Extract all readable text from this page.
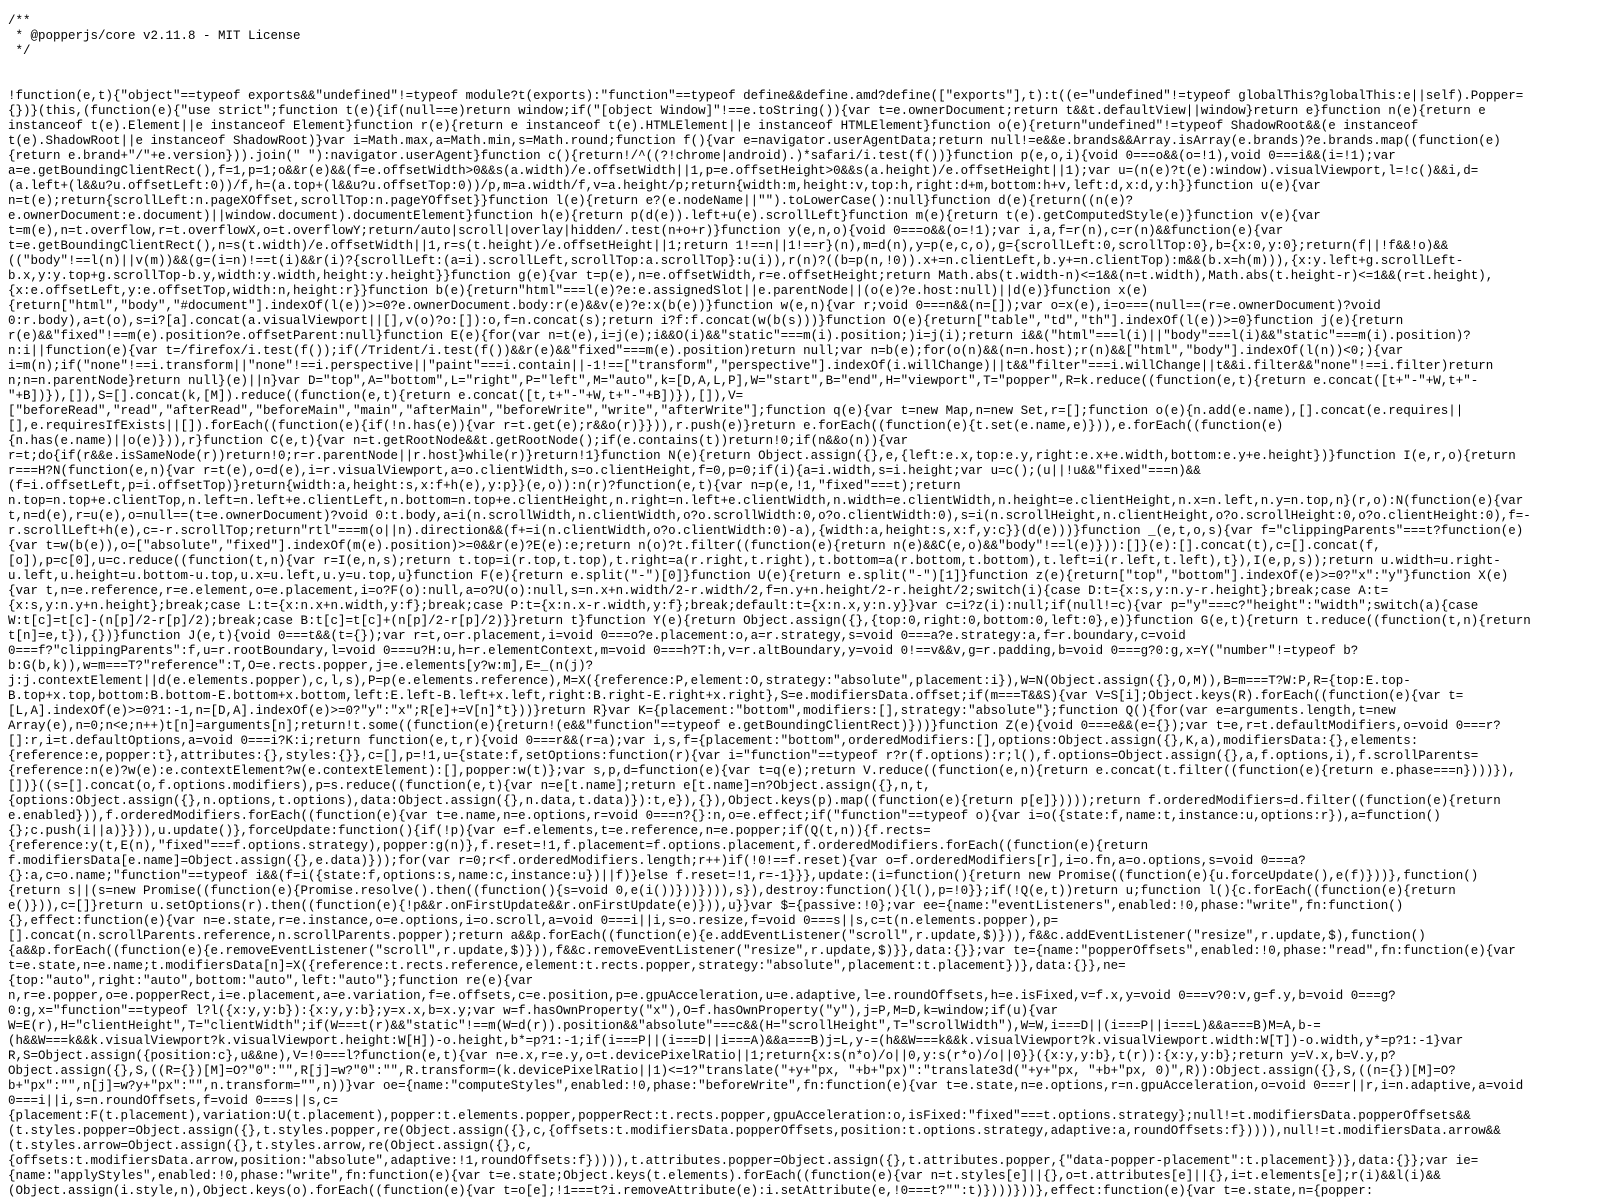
/**
* @popperjs/core v2.11.8 - MIT License
*/
!function(e,t){"object"==typeof exports&&"undefined"!=typeof module?t(exports):"function"==typeof define&&define.amd?define(["exports"],t):t((e="undefined"!=typeof globalThis?globalThis:e||self).Popper=
{})}(this,(function(e){"use strict";function t(e){if(null==e)return window;if("[object Window]"!==e.toString()){var t=e.ownerDocument;return t&&t.defaultView||window}return e}function n(e){return e
instanceof t(e).Element||e instanceof Element}function r(e){return e instanceof t(e).HTMLElement||e instanceof HTMLElement}function o(e){return"undefined"!=typeof ShadowRoot&&(e instanceof
t(e).ShadowRoot||e instanceof ShadowRoot)}var i=Math.max,a=Math.min,s=Math.round;function f(){var e=navigator.userAgentData;return null!=e&&e.brands&&Array.isArray(e.brands)?e.brands.map((function(e)
{return e.brand+"/"+e.version})).join(" "):navigator.userAgent}function c(){return!/^((?!chrome|android).)*safari/i.test(f())}function p(e,o,i){void 0===o&&(o=!1),void 0===i&&(i=!1);var
a=e.getBoundingClientRect(),f=1,p=1;o&&r(e)&&(f=e.offsetWidth>0&&s(a.width)/e.offsetWidth||1,p=e.offsetHeight>0&&s(a.height)/e.offsetHeight||1);var u=(n(e)?t(e):window).visualViewport,l=!c()&&i,d=
(a.left+(l&&u?u.offsetLeft:0))/f,h=(a.top+(l&&u?u.offsetTop:0))/p,m=a.width/f,v=a.height/p;return{width:m,height:v,top:h,right:d+m,bottom:h+v,left:d,x:d,y:h}}function u(e){var
n=t(e);return{scrollLeft:n.pageXOffset,scrollTop:n.pageYOffset}}function l(e){return e?(e.nodeName||"").toLowerCase():null}function d(e){return((n(e)?
e.ownerDocument:e.document)||window.document).documentElement}function h(e){return p(d(e)).left+u(e).scrollLeft}function m(e){return t(e).getComputedStyle(e)}function v(e){var
t=m(e),n=t.overflow,r=t.overflowX,o=t.overflowY;return/auto|scroll|overlay|hidden/.test(n+o+r)}function y(e,n,o){void 0===o&&(o=!1);var i,a,f=r(n),c=r(n)&&function(e){var
t=e.getBoundingClientRect(),n=s(t.width)/e.offsetWidth||1,r=s(t.height)/e.offsetHeight||1;return 1!==n||1!==r}(n),m=d(n),y=p(e,c,o),g={scrollLeft:0,scrollTop:0},b={x:0,y:0};return(f||!f&&!o)&&
(("body"!==l(n)||v(m))&&(g=(i=n)!==t(i)&&r(i)?{scrollLeft:(a=i).scrollLeft,scrollTop:a.scrollTop}:u(i)),r(n)?((b=p(n,!0)).x+=n.clientLeft,b.y+=n.clientTop):m&&(b.x=h(m))),{x:y.left+g.scrollLeft-
b.x,y:y.top+g.scrollTop-b.y,width:y.width,height:y.height}}function g(e){var t=p(e),n=e.offsetWidth,r=e.offsetHeight;return Math.abs(t.width-n)<=1&&(n=t.width),Math.abs(t.height-r)<=1&&(r=t.height),
{x:e.offsetLeft,y:e.offsetTop,width:n,height:r}}function b(e){return"html"===l(e)?e:e.assignedSlot||e.parentNode||(o(e)?e.host:null)||d(e)}function x(e)
{return["html","body","#document"].indexOf(l(e))>=0?e.ownerDocument.body:r(e)&&v(e)?e:x(b(e))}function w(e,n){var r;void 0===n&&(n=[]);var o=x(e),i=o===(null==(r=e.ownerDocument)?void
0:r.body),a=t(o),s=i?[a].concat(a.visualViewport||[],v(o)?o:[]):o,f=n.concat(s);return i?f:f.concat(w(b(s)))}function O(e){return["table","td","th"].indexOf(l(e))>=0}function j(e){return
r(e)&&"fixed"!==m(e).position?e.offsetParent:null}function E(e){for(var n=t(e),i=j(e);i&&O(i)&&"static"===m(i).position;)i=j(i);return i&&("html"===l(i)||"body"===l(i)&&"static"===m(i).position)?
n:i||function(e){var t=/firefox/i.test(f());if(/Trident/i.test(f())&&r(e)&&"fixed"===m(e).position)return null;var n=b(e);for(o(n)&&(n=n.host);r(n)&&["html","body"].indexOf(l(n))<0;){var
i=m(n);if("none"!==i.transform||"none"!==i.perspective||"paint"===i.contain||-1!==["transform","perspective"].indexOf(i.willChange)||t&&"filter"===i.willChange||t&&i.filter&&"none"!==i.filter)return
n;n=n.parentNode}return null}(e)||n}var D="top",A="bottom",L="right",P="left",M="auto",k=[D,A,L,P],W="start",B="end",H="viewport",T="popper",R=k.reduce((function(e,t){return e.concat([t+"-"+W,t+"-
"+B])}),[]),S=[].concat(k,[M]).reduce((function(e,t){return e.concat([t,t+"-"+W,t+"-"+B])}),[]),V=
["beforeRead","read","afterRead","beforeMain","main","afterMain","beforeWrite","write","afterWrite"];function q(e){var t=new Map,n=new Set,r=[];function o(e){n.add(e.name),[].concat(e.requires||
[],e.requiresIfExists||[]).forEach((function(e){if(!n.has(e)){var r=t.get(e);r&&o(r)}})),r.push(e)}return e.forEach((function(e){t.set(e.name,e)})),e.forEach((function(e)
{n.has(e.name)||o(e)})),r}function C(e,t){var n=t.getRootNode&&t.getRootNode();if(e.contains(t))return!0;if(n&&o(n)){var
r=t;do{if(r&&e.isSameNode(r))return!0;r=r.parentNode||r.host}while(r)}return!1}function N(e){return Object.assign({},e,{left:e.x,top:e.y,right:e.x+e.width,bottom:e.y+e.height})}function I(e,r,o){return
r===H?N(function(e,n){var r=t(e),o=d(e),i=r.visualViewport,a=o.clientWidth,s=o.clientHeight,f=0,p=0;if(i){a=i.width,s=i.height;var u=c();(u||!u&&"fixed"===n)&&
(f=i.offsetLeft,p=i.offsetTop)}return{width:a,height:s,x:f+h(e),y:p}}(e,o)):n(r)?function(e,t){var n=p(e,!1,"fixed"===t);return
n.top=n.top+e.clientTop,n.left=n.left+e.clientLeft,n.bottom=n.top+e.clientHeight,n.right=n.left+e.clientWidth,n.width=e.clientWidth,n.height=e.clientHeight,n.x=n.left,n.y=n.top,n}(r,o):N(function(e){var
t,n=d(e),r=u(e),o=null==(t=e.ownerDocument)?void 0:t.body,a=i(n.scrollWidth,n.clientWidth,o?o.scrollWidth:0,o?o.clientWidth:0),s=i(n.scrollHeight,n.clientHeight,o?o.scrollHeight:0,o?o.clientHeight:0),f=-
r.scrollLeft+h(e),c=-r.scrollTop;return"rtl"===m(o||n).direction&&(f+=i(n.clientWidth,o?o.clientWidth:0)-a),{width:a,height:s,x:f,y:c}}(d(e)))}function _(e,t,o,s){var f="clippingParents"===t?function(e)
{var t=w(b(e)),o=["absolute","fixed"].indexOf(m(e).position)>=0&&r(e)?E(e):e;return n(o)?t.filter((function(e){return n(e)&&C(e,o)&&"body"!==l(e)})):[]}(e):[].concat(t),c=[].concat(f,
[o]),p=c[0],u=c.reduce((function(t,n){var r=I(e,n,s);return t.top=i(r.top,t.top),t.right=a(r.right,t.right),t.bottom=a(r.bottom,t.bottom),t.left=i(r.left,t.left),t}),I(e,p,s));return u.width=u.right-
u.left,u.height=u.bottom-u.top,u.x=u.left,u.y=u.top,u}function F(e){return e.split("-")[0]}function U(e){return e.split("-")[1]}function z(e){return["top","bottom"].indexOf(e)>=0?"x":"y"}function X(e)
{var t,n=e.reference,r=e.element,o=e.placement,i=o?F(o):null,a=o?U(o):null,s=n.x+n.width/2-r.width/2,f=n.y+n.height/2-r.height/2;switch(i){case D:t={x:s,y:n.y-r.height};break;case A:t=
{x:s,y:n.y+n.height};break;case L:t={x:n.x+n.width,y:f};break;case P:t={x:n.x-r.width,y:f};break;default:t={x:n.x,y:n.y}}var c=i?z(i):null;if(null!=c){var p="y"===c?"height":"width";switch(a){case
W:t[c]=t[c]-(n[p]/2-r[p]/2);break;case B:t[c]=t[c]+(n[p]/2-r[p]/2)}}return t}function Y(e){return Object.assign({},{top:0,right:0,bottom:0,left:0},e)}function G(e,t){return t.reduce((function(t,n){return
t[n]=e,t}),{})}function J(e,t){void 0===t&&(t={});var r=t,o=r.placement,i=void 0===o?e.placement:o,a=r.strategy,s=void 0===a?e.strategy:a,f=r.boundary,c=void
0===f?"clippingParents":f,u=r.rootBoundary,l=void 0===u?H:u,h=r.elementContext,m=void 0===h?T:h,v=r.altBoundary,y=void 0!==v&&v,g=r.padding,b=void 0===g?0:g,x=Y("number"!=typeof b?
b:G(b,k)),w=m===T?"reference":T,O=e.rects.popper,j=e.elements[y?w:m],E=_(n(j)?
j:j.contextElement||d(e.elements.popper),c,l,s),P=p(e.elements.reference),M=X({reference:P,element:O,strategy:"absolute",placement:i}),W=N(Object.assign({},O,M)),B=m===T?W:P,R={top:E.top-
B.top+x.top,bottom:B.bottom-E.bottom+x.bottom,left:E.left-B.left+x.left,right:B.right-E.right+x.right},S=e.modifiersData.offset;if(m===T&&S){var V=S[i];Object.keys(R).forEach((function(e){var t=
[L,A].indexOf(e)>=0?1:-1,n=[D,A].indexOf(e)>=0?"y":"x";R[e]+=V[n]*t}))}return R}var K={placement:"bottom",modifiers:[],strategy:"absolute"};function Q(){for(var e=arguments.length,t=new
Array(e),n=0;n<e;n++)t[n]=arguments[n];return!t.some((function(e){return!(e&&"function"==typeof e.getBoundingClientRect)}))}function Z(e){void 0===e&&(e={});var t=e,r=t.defaultModifiers,o=void 0===r?
[]:r,i=t.defaultOptions,a=void 0===i?K:i;return function(e,t,r){void 0===r&&(r=a);var i,s,f={placement:"bottom",orderedModifiers:[],options:Object.assign({},K,a),modifiersData:{},elements:
{reference:e,popper:t},attributes:{},styles:{}},c=[],p=!1,u={state:f,setOptions:function(r){var i="function"==typeof r?r(f.options):r;l(),f.options=Object.assign({},a,f.options,i),f.scrollParents=
{reference:n(e)?w(e):e.contextElement?w(e.contextElement):[],popper:w(t)};var s,p,d=function(e){var t=q(e);return V.reduce((function(e,n){return e.concat(t.filter((function(e){return e.phase===n})))}),
[])}((s=[].concat(o,f.options.modifiers),p=s.reduce((function(e,t){var n=e[t.name];return e[t.name]=n?Object.assign({},n,t,
{options:Object.assign({},n.options,t.options),data:Object.assign({},n.data,t.data)}):t,e}),{}),Object.keys(p).map((function(e){return p[e]}))));return f.orderedModifiers=d.filter((function(e){return
e.enabled})),f.orderedModifiers.forEach((function(e){var t=e.name,n=e.options,r=void 0===n?{}:n,o=e.effect;if("function"==typeof o){var i=o({state:f,name:t,instance:u,options:r}),a=function()
{};c.push(i||a)}})),u.update()},forceUpdate:function(){if(!p){var e=f.elements,t=e.reference,n=e.popper;if(Q(t,n)){f.rects=
{reference:y(t,E(n),"fixed"===f.options.strategy),popper:g(n)},f.reset=!1,f.placement=f.options.placement,f.orderedModifiers.forEach((function(e){return
f.modifiersData[e.name]=Object.assign({},e.data)}));for(var r=0;r<f.orderedModifiers.length;r++)if(!0!==f.reset){var o=f.orderedModifiers[r],i=o.fn,a=o.options,s=void 0===a?
{}:a,c=o.name;"function"==typeof i&&(f=i({state:f,options:s,name:c,instance:u})||f)}else f.reset=!1,r=-1}}},update:(i=function(){return new Promise((function(e){u.forceUpdate(),e(f)}))},function()
{return s||(s=new Promise((function(e){Promise.resolve().then((function(){s=void 0,e(i())}))}))),s}),destroy:function(){l(),p=!0}};if(!Q(e,t))return u;function l(){c.forEach((function(e){return
e()})),c=[]}return u.setOptions(r).then((function(e){!p&&r.onFirstUpdate&&r.onFirstUpdate(e)})),u}}var $={passive:!0};var ee={name:"eventListeners",enabled:!0,phase:"write",fn:function()
{},effect:function(e){var n=e.state,r=e.instance,o=e.options,i=o.scroll,a=void 0===i||i,s=o.resize,f=void 0===s||s,c=t(n.elements.popper),p=
[].concat(n.scrollParents.reference,n.scrollParents.popper);return a&&p.forEach((function(e){e.addEventListener("scroll",r.update,$)})),f&&c.addEventListener("resize",r.update,$),function()
{a&&p.forEach((function(e){e.removeEventListener("scroll",r.update,$)})),f&&c.removeEventListener("resize",r.update,$)}},data:{}};var te={name:"popperOffsets",enabled:!0,phase:"read",fn:function(e){var
t=e.state,n=e.name;t.modifiersData[n]=X({reference:t.rects.reference,element:t.rects.popper,strategy:"absolute",placement:t.placement})},data:{}},ne=
{top:"auto",right:"auto",bottom:"auto",left:"auto"};function re(e){var
n,r=e.popper,o=e.popperRect,i=e.placement,a=e.variation,f=e.offsets,c=e.position,p=e.gpuAcceleration,u=e.adaptive,l=e.roundOffsets,h=e.isFixed,v=f.x,y=void 0===v?0:v,g=f.y,b=void 0===g?
0:g,x="function"==typeof l?l({x:y,y:b}):{x:y,y:b};y=x.x,b=x.y;var w=f.hasOwnProperty("x"),O=f.hasOwnProperty("y"),j=P,M=D,k=window;if(u){var
W=E(r),H="clientHeight",T="clientWidth";if(W===t(r)&&"static"!==m(W=d(r)).position&&"absolute"===c&&(H="scrollHeight",T="scrollWidth"),W=W,i===D||(i===P||i===L)&&a===B)M=A,b-=
(h&&W===k&&k.visualViewport?k.visualViewport.height:W[H])-o.height,b*=p?1:-1;if(i===P||(i===D||i===A)&&a===B)j=L,y-=(h&&W===k&&k.visualViewport?k.visualViewport.width:W[T])-o.width,y*=p?1:-1}var
R,S=Object.assign({position:c},u&&ne),V=!0===l?function(e,t){var n=e.x,r=e.y,o=t.devicePixelRatio||1;return{x:s(n*o)/o||0,y:s(r*o)/o||0}}({x:y,y:b},t(r)):{x:y,y:b};return y=V.x,b=V.y,p?
Object.assign({},S,((R={})[M]=O?"0":"",R[j]=w?"0":"",R.transform=(k.devicePixelRatio||1)<=1?"translate("+y+"px, "+b+"px)":"translate3d("+y+"px, "+b+"px, 0)",R)):Object.assign({},S,((n={})[M]=O?
b+"px":"",n[j]=w?y+"px":"",n.transform="",n))}var oe={name:"computeStyles",enabled:!0,phase:"beforeWrite",fn:function(e){var t=e.state,n=e.options,r=n.gpuAcceleration,o=void 0===r||r,i=n.adaptive,a=void
0===i||i,s=n.roundOffsets,f=void 0===s||s,c=
{placement:F(t.placement),variation:U(t.placement),popper:t.elements.popper,popperRect:t.rects.popper,gpuAcceleration:o,isFixed:"fixed"===t.options.strategy};null!=t.modifiersData.popperOffsets&&
(t.styles.popper=Object.assign({},t.styles.popper,re(Object.assign({},c,{offsets:t.modifiersData.popperOffsets,position:t.options.strategy,adaptive:a,roundOffsets:f})))),null!=t.modifiersData.arrow&&
(t.styles.arrow=Object.assign({},t.styles.arrow,re(Object.assign({},c,
{offsets:t.modifiersData.arrow,position:"absolute",adaptive:!1,roundOffsets:f})))),t.attributes.popper=Object.assign({},t.attributes.popper,{"data-popper-placement":t.placement})},data:{}};var ie=
{name:"applyStyles",enabled:!0,phase:"write",fn:function(e){var t=e.state;Object.keys(t.elements).forEach((function(e){var n=t.styles[e]||{},o=t.attributes[e]||{},i=t.elements[e];r(i)&&l(i)&&
(Object.assign(i.style,n),Object.keys(o).forEach((function(e){var t=o[e];!1===t?i.removeAttribute(e):i.setAttribute(e,!0===t?"":t)})))}))},effect:function(e){var t=e.state,n={popper:
